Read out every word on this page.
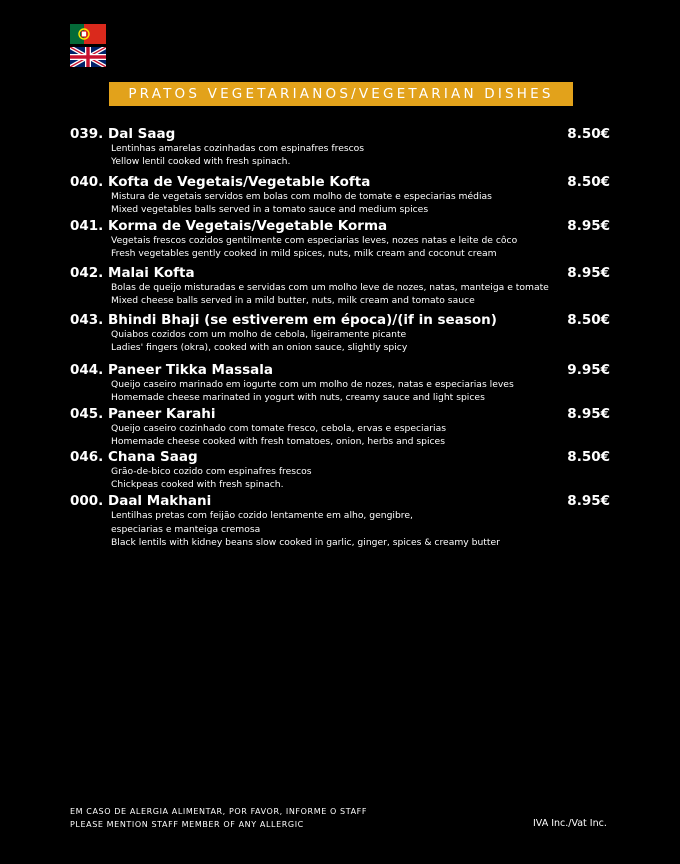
PRATOS VEGETARIANOS/VEGETARIAN DISHES
039. Dal Saag	8.50€
Lentinhas amarelas cozinhadas com espinafres frescos
Yellow lentil cooked with fresh spinach.
040. Kofta de Vegetais/Vegetable Kofta	8.50€
Mistura de vegetais servidos em bolas com molho de tomate e especiarias médias
Mixed vegetables balls served in a tomato sauce and medium spices
041. Korma de Vegetais/Vegetable Korma	8.95€
Vegetais frescos cozidos gentilmente com especiarias leves, nozes natas e leite de côco
Fresh vegetables gently cooked in mild spices, nuts, milk cream and coconut cream
042. Malai Kofta	8.95€
Bolas de queijo misturadas e servidas com um molho leve de nozes, natas, manteiga e tomate
Mixed cheese balls served in a mild butter, nuts, milk cream and tomato sauce
043. Bhindi Bhaji (se estiverem em época)/(if in season)	8.50€
Quiabos cozidos com um molho de cebola, ligeiramente picante
Ladies' fingers (okra), cooked with an onion sauce, slightly spicy
044. Paneer Tikka Massala	9.95€
Queijo caseiro marinado em iogurte com um molho de nozes, natas e especiarias leves
Homemade cheese marinated in yogurt with nuts, creamy sauce and light spices
045. Paneer Karahi	8.95€
Queijo caseiro cozinhado com tomate fresco, cebola, ervas e especiarias
Homemade cheese cooked with fresh tomatoes, onion, herbs and spices
046. Chana Saag	8.50€
Grão-de-bico cozido com espinafres frescos
Chickpeas cooked with fresh spinach.
000. Daal Makhani	8.95€
Lentilhas pretas com feijão cozido lentamente em alho, gengibre,
especiarias e manteiga cremosa
Black lentils with kidney beans slow cooked in garlic, ginger, spices & creamy butter
EM CASO DE ALERGIA ALIMENTAR, POR FAVOR, INFORME O STAFF
PLEASE MENTION STAFF MEMBER OF ANY ALLERGIC	IVA Inc./Vat Inc.
